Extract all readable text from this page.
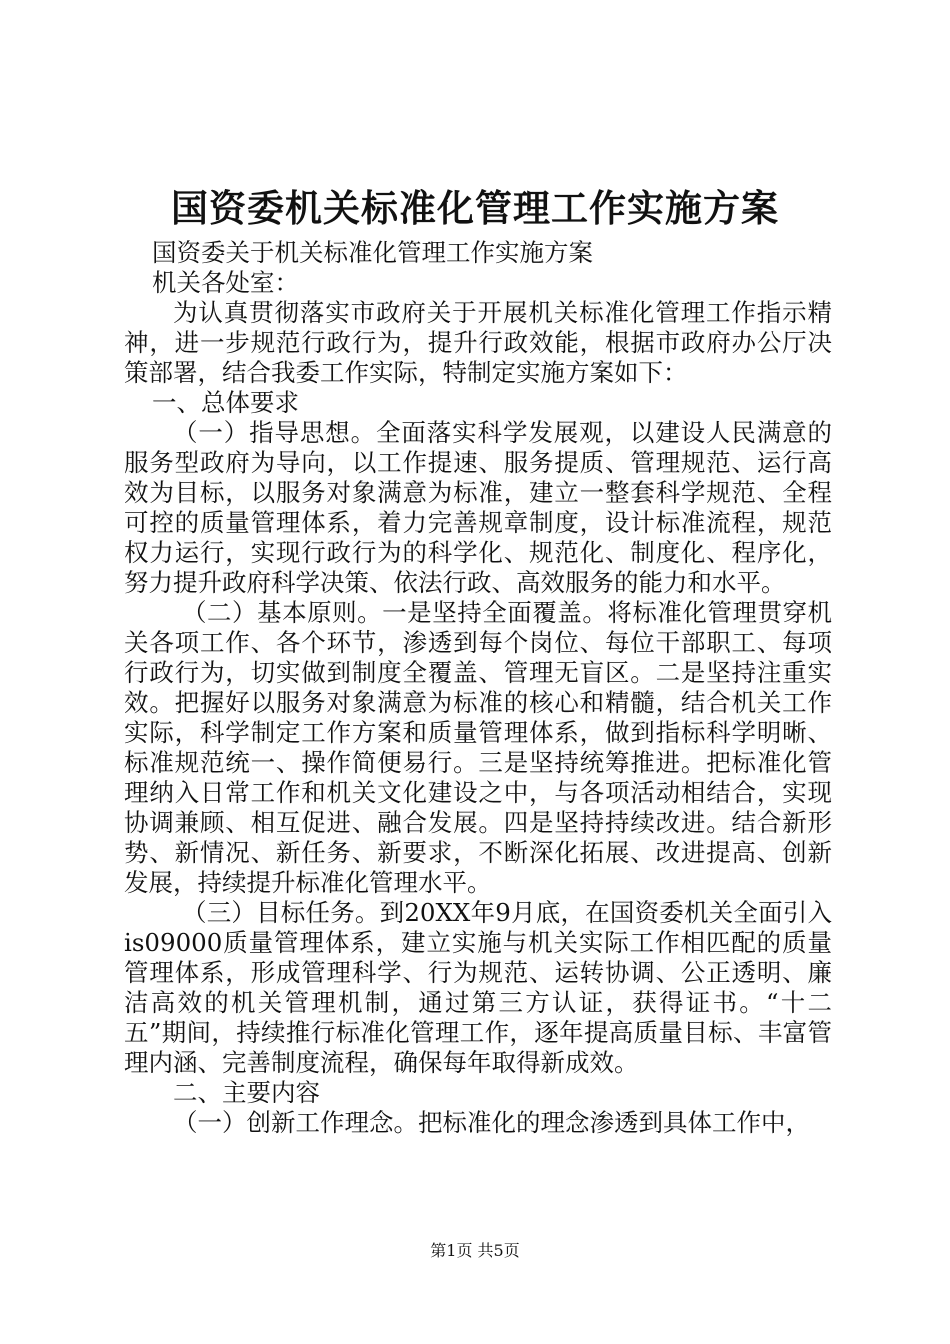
国资委机关标准化管理工作实施方案

国资委关于机关标准化管理工作实施方案

机关各处室：

为认真贯彻落实市政府关于开展机关标准化管理工作指示精神，进一步规范行政行为，提升行政效能，根据市政府办公厅决策部署，结合我委工作实际，特制定实施方案如下：

一、总体要求

（一）指导思想。全面落实科学发展观，以建设人民满意的服务型政府为导向，以工作提速、服务提质、管理规范、运行高效为目标，以服务对象满意为标准，建立一整套科学规范、全程可控的质量管理体系，着力完善规章制度，设计标准流程，规范权力运行，实现行政行为的科学化、规范化、制度化、程序化，努力提升政府科学决策、依法行政、高效服务的能力和水平。

（二）基本原则。一是坚持全面覆盖。将标准化管理贯穿机关各项工作、各个环节，渗透到每个岗位、每位干部职工、每项行政行为，切实做到制度全覆盖、管理无盲区。二是坚持注重实效。把握好以服务对象满意为标准的核心和精髓，结合机关工作实际，科学制定工作方案和质量管理体系，做到指标科学明晰、标准规范统一、操作简便易行。三是坚持统筹推进。把标准化管理纳入日常工作和机关文化建设之中，与各项活动相结合，实现协调兼顾、相互促进、融合发展。四是坚持持续改进。结合新形势、新情况、新任务、新要求，不断深化拓展、改进提高、创新发展，持续提升标准化管理水平。

（三）目标任务。到20XX年9月底，在国资委机关全面引入is09000质量管理体系，建立实施与机关实际工作相匹配的质量管理体系，形成管理科学、行为规范、运转协调、公正透明、廉洁高效的机关管理机制，通过第三方认证，获得证书。“十二五”期间，持续推行标准化管理工作，逐年提高质量目标、丰富管理内涵、完善制度流程，确保每年取得新成效。

二、主要内容

（一）创新工作理念。把标准化的理念渗透到具体工作中，

第1页 共5页
